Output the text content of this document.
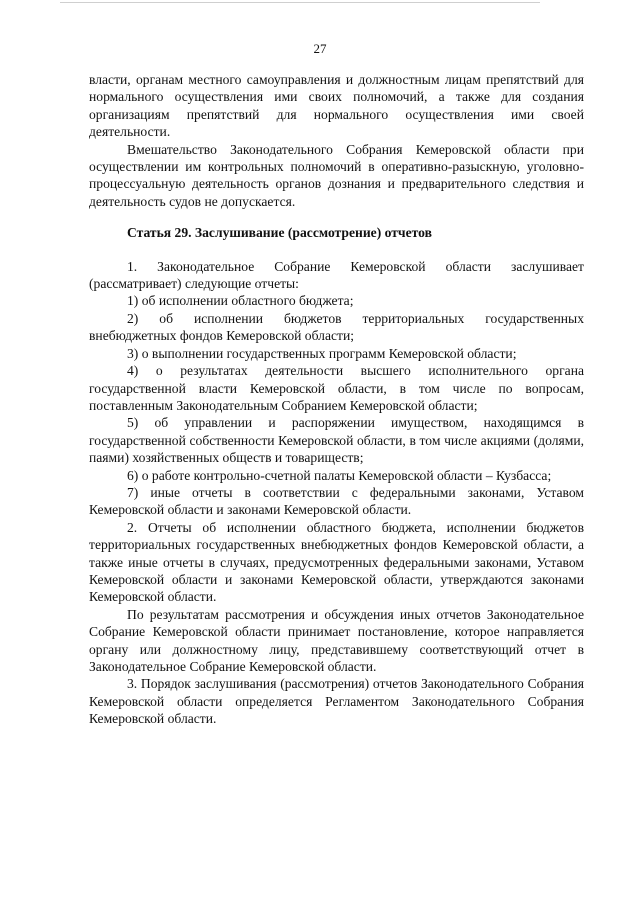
27

власти, органам местного самоуправления и должностным лицам препятствий для нормального осуществления ими своих полномочий, а также для создания организациям препятствий для нормального осуществления ими своей деятельности.

Вмешательство Законодательного Собрания Кемеровской области при осуществлении им контрольных полномочий в оперативно-разыскную, уголовно-процессуальную деятельность органов дознания и предварительного следствия и деятельность судов не допускается.

Статья 29. Заслушивание (рассмотрение) отчетов

1. Законодательное Собрание Кемеровской области заслушивает (рассматривает) следующие отчеты:

1) об исполнении областного бюджета;

2) об исполнении бюджетов территориальных государственных внебюджетных фондов Кемеровской области;

3) о выполнении государственных программ Кемеровской области;

4) о результатах деятельности высшего исполнительного органа государственной власти Кемеровской области, в том числе по вопросам, поставленным Законодательным Собранием Кемеровской области;

5) об управлении и распоряжении имуществом, находящимся в государственной собственности Кемеровской области, в том числе акциями (долями, паями) хозяйственных обществ и товариществ;

6) о работе контрольно-счетной палаты Кемеровской области – Кузбасса;

7) иные отчеты в соответствии с федеральными законами, Уставом Кемеровской области и законами Кемеровской области.

2. Отчеты об исполнении областного бюджета, исполнении бюджетов территориальных государственных внебюджетных фондов Кемеровской области, а также иные отчеты в случаях, предусмотренных федеральными законами, Уставом Кемеровской области и законами Кемеровской области, утверждаются законами Кемеровской области.

По результатам рассмотрения и обсуждения иных отчетов Законодательное Собрание Кемеровской области принимает постановление, которое направляется органу или должностному лицу, представившему соответствующий отчет в Законодательное Собрание Кемеровской области.

3. Порядок заслушивания (рассмотрения) отчетов Законодательного Собрания Кемеровской области определяется Регламентом Законодательного Собрания Кемеровской области.
